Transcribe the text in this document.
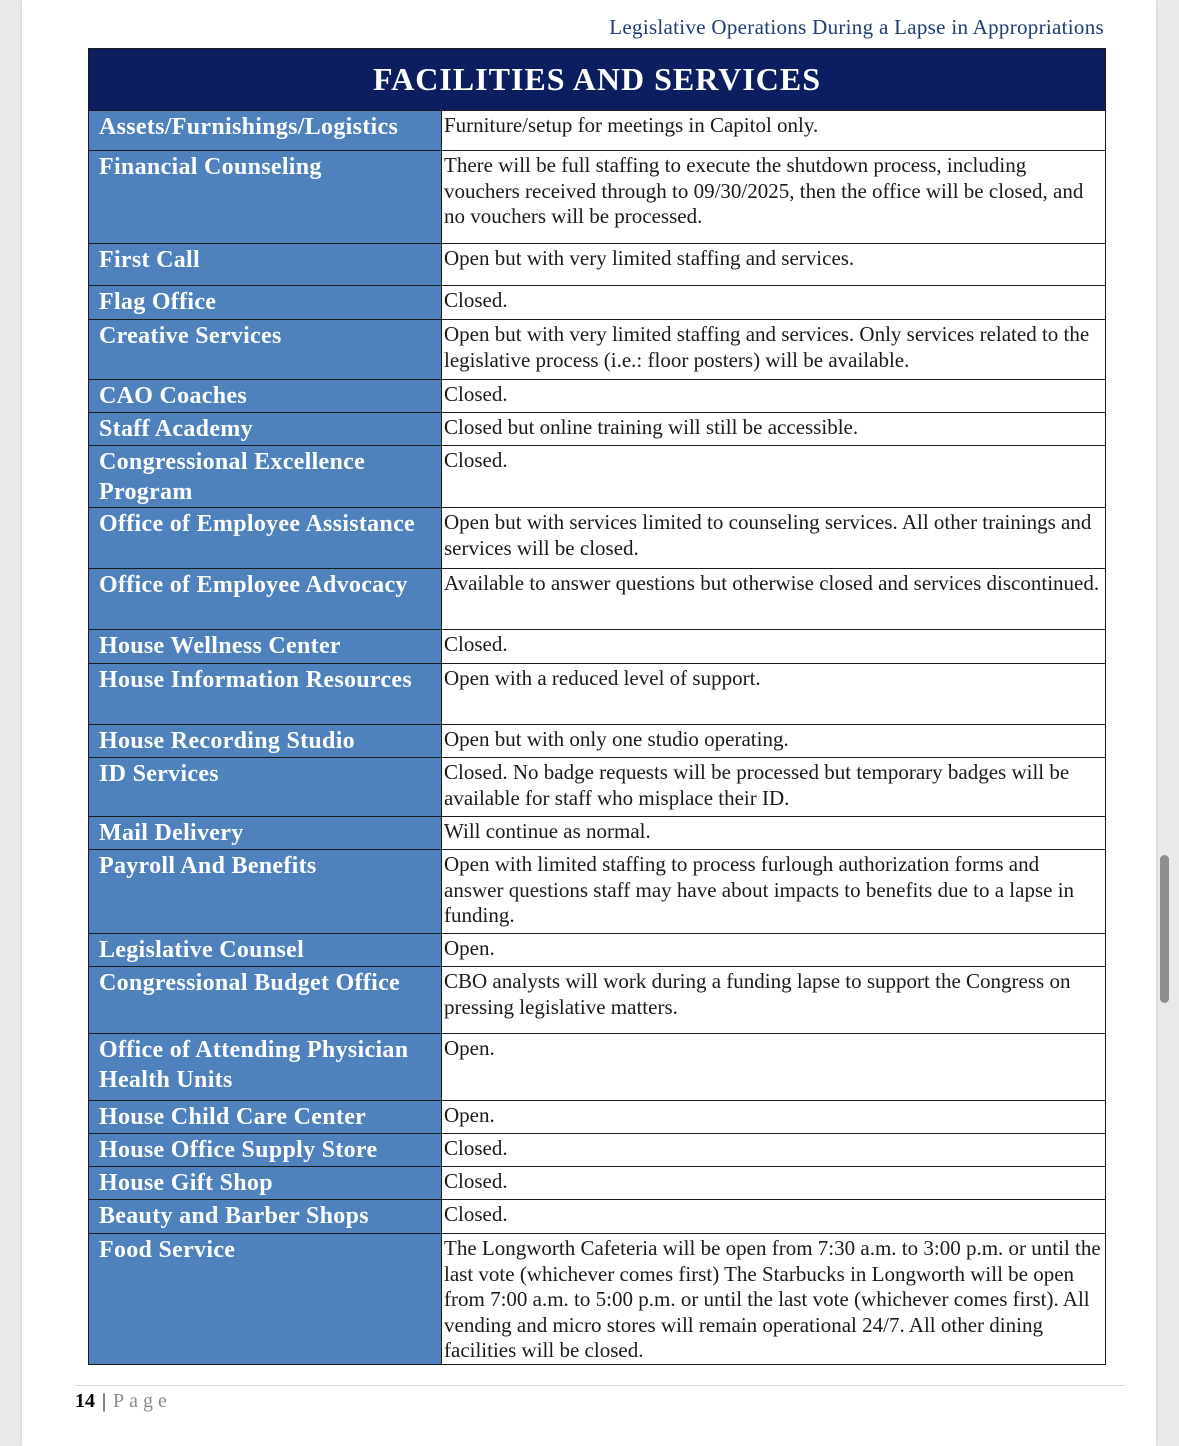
Legislative Operations During a Lapse in Appropriations
FACILITIES AND SERVICES	
Assets/Furnishings/Logistics	Furniture/setup for meetings in Capitol only.
Financial Counseling	There will be full staffing to execute the shutdown process, including vouchers received through to 09/30/2025, then the office will be closed, and no vouchers will be processed.
First Call	Open but with very limited staffing and services.
Flag Office	Closed.
Creative Services	Open but with very limited staffing and services. Only services related to the legislative process (i.e.: floor posters) will be available.
CAO Coaches	Closed.
Staff Academy	Closed but online training will still be accessible.
Congressional Excellence Program	Closed.
Office of Employee Assistance	Open but with services limited to counseling services. All other trainings and services will be closed.
Office of Employee Advocacy	Available to answer questions but otherwise closed and services discontinued.
House Wellness Center	Closed.
House Information Resources	Open with a reduced level of support.
House Recording Studio	Open but with only one studio operating.
ID Services	Closed. No badge requests will be processed but temporary badges will be available for staff who misplace their ID.
Mail Delivery	Will continue as normal.
Payroll And Benefits	Open with limited staffing to process furlough authorization forms and answer questions staff may have about impacts to benefits due to a lapse in funding.
Legislative Counsel	Open.
Congressional Budget Office	CBO analysts will work during a funding lapse to support the Congress on pressing legislative matters.
Office of Attending Physician Health Units	Open.
House Child Care Center	Open.
House Office Supply Store	Closed.
House Gift Shop	Closed.
Beauty and Barber Shops	Closed.
Food Service	The Longworth Cafeteria will be open from 7:30 a.m. to 3:00 p.m. or until the last vote (whichever comes first) The Starbucks in Longworth will be open from 7:00 a.m. to 5:00 p.m. or until the last vote (whichever comes first). All vending and micro stores will remain operational 24/7. All other dining facilities will be closed.
14 | Page
